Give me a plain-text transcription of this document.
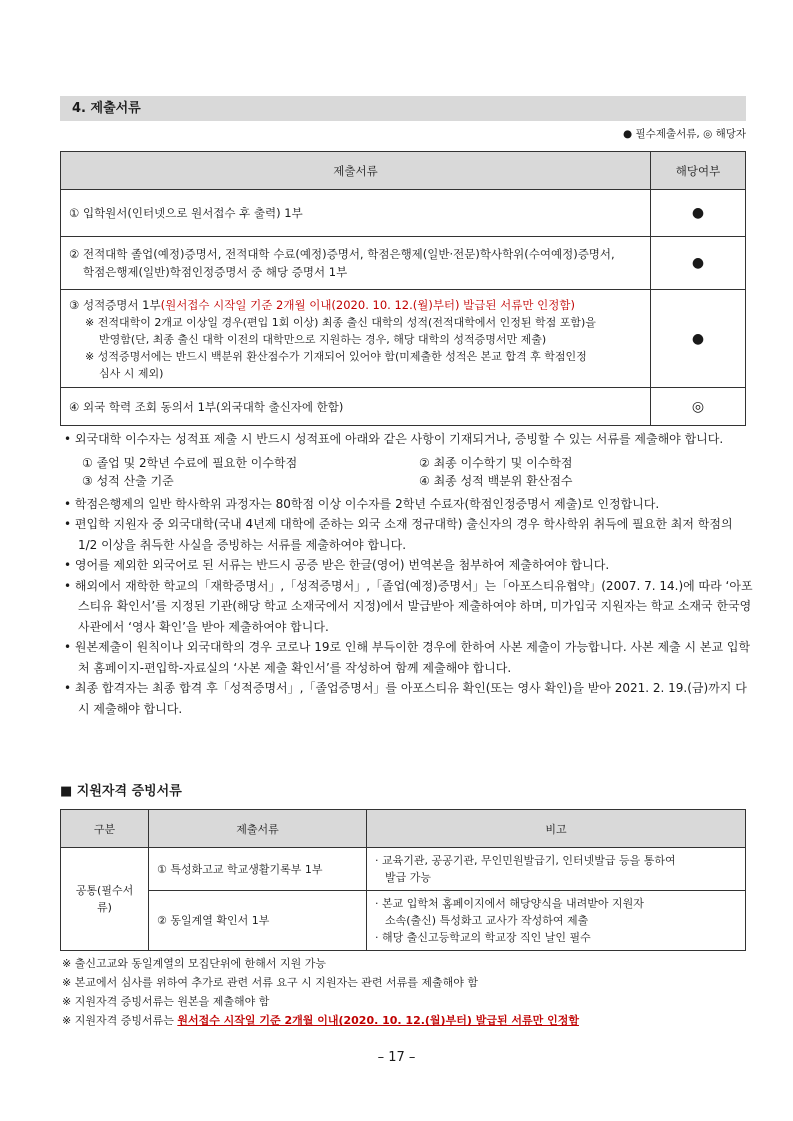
4. 제출서류
● 필수제출서류, ◎ 해당자
제출서류	해당여부
① 입학원서(인터넷으로 원서접수 후 출력) 1부	●

② 전적대학 졸업(예정)증명서, 전적대학 수료(예정)증명서, 학점은행제(일반·전문)학사학위(수여예정)증명서,
학점은행제(일반)학점인정증명서 중 해당 증명서 1부	●

③ 성적증명서 1부(원서접수 시작일 기준 2개월 이내(2020. 10. 12.(월)부터) 발급된 서류만 인정함)
※ 전적대학이 2개교 이상일 경우(편입 1회 이상) 최종 출신 대학의 성적(전적대학에서 인정된 학점 포함)을
반영함(단, 최종 출신 대학 이전의 대학만으로 지원하는 경우, 해당 대학의 성적증명서만 제출)
※ 성적증명서에는 반드시 백분위 환산점수가 기재되어 있어야 함(미제출한 성적은 본교 합격 후 학점인정
심사 시 제외)	●
④ 외국 학력 조회 동의서 1부(외국대학 출신자에 한함)	◎

• 외국대학 이수자는 성적표 제출 시 반드시 성적표에 아래와 같은 사항이 기재되거나, 증빙할 수 있는 서류를 제출해야 합니다.

① 졸업 및 2학년 수료에 필요한 이수학점	② 최종 이수학기 및 이수학점
③ 성적 산출 기준	④ 최종 성적 백분위 환산점수

• 학점은행제의 일반 학사학위 과정자는 80학점 이상 이수자를 2학년 수료자(학점인정증명서 제출)로 인정합니다.

• 편입학 지원자 중 외국대학(국내 4년제 대학에 준하는 외국 소재 정규대학) 출신자의 경우 학사학위 취득에 필요한 최저 학점의 1/2 이상을 취득한 사실을 증빙하는 서류를 제출하여야 합니다.

• 영어를 제외한 외국어로 된 서류는 반드시 공증 받은 한글(영어) 번역본을 첨부하여 제출하여야 합니다.

• 해외에서 재학한 학교의「재학증명서」,「성적증명서」,「졸업(예정)증명서」는「아포스티유협약」(2007. 7. 14.)에 따라 ‘아포스티유 확인서’를 지정된 기관(해당 학교 소재국에서 지정)에서 발급받아 제출하여야 하며, 미가입국 지원자는 학교 소재국 한국영사관에서 ‘영사 확인’을 받아 제출하여야 합니다.

• 원본제출이 원칙이나 외국대학의 경우 코로나 19로 인해 부득이한 경우에 한하여 사본 제출이 가능합니다. 사본 제출 시 본교 입학처 홈페이지-편입학-자료실의 ‘사본 제출 확인서’를 작성하여 함께 제출해야 합니다.

• 최종 합격자는 최종 합격 후「성적증명서」,「졸업증명서」를 아포스티유 확인(또는 영사 확인)을 받아 2021. 2. 19.(금)까지 다시 제출해야 합니다.

■ 지원자격 증빙서류
구분	제출서류	비고
공통(필수서류)	① 특성화고교 학교생활기록부 1부	· 교육기관, 공공기관, 무인민원발급기, 인터넷발급 등을 통하여
발급 가능

	② 동일계열 확인서 1부	· 본교 입학처 홈페이지에서 해당양식을 내려받아 지원자
소속(출신) 특성화고 교사가 작성하여 제출
· 해당 출신고등학교의 학교장 직인 날인 필수

※ 출신고교와 동일계열의 모집단위에 한해서 지원 가능

※ 본교에서 심사를 위하여 추가로 관련 서류 요구 시 지원자는 관련 서류를 제출해야 함

※ 지원자격 증빙서류는 원본을 제출해야 함

※ 지원자격 증빙서류는 원서접수 시작일 기준 2개월 이내(2020. 10. 12.(월)부터) 발급된 서류만 인정함

– 17 –
